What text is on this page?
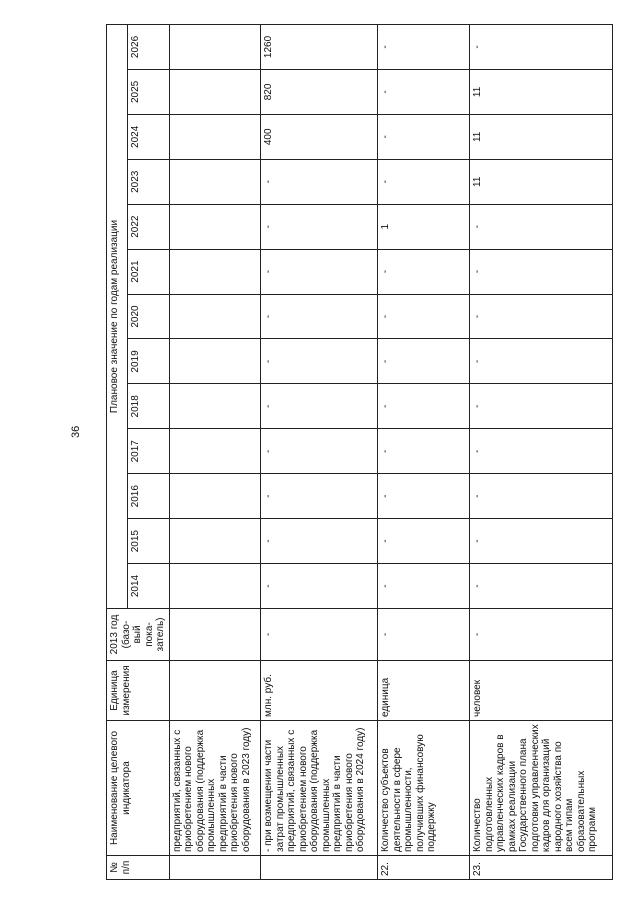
36
№ п/п	Наименование целевого индикатора	Единица измерения	2013 год (базо-вый пока-затель)	Плановое значение по годам реализации												
				2014	2015	2016	2017	2018	2019	2020	2021	2022	2023	2024	2025	2026
	предприятий, связанных с приобретением нового оборудования (поддержка промышленных предприятий в части приобретения нового оборудования в 2023 году)															
	- при возмещении части затрат промышленных предприятий, связанных с приобретением нового оборудования (поддержка промышленных предприятий в части приобретения нового оборудования в 2024 году)	млн. руб.	-	-	-	-	-	-	-	-	-	-	-	400	820	1260
22.	Количество субъектов деятельности в сфере промышленности, получивших финансовую поддержку	единица	-	-	-	-	-	-	-	-	-	1	-	-	-	-
23.	Количество подготовленных управленческих кадров в рамках реализации Государственного плана подготовки управленческих кадров для организаций народного хозяйства по всем типам образовательных программ	человек	-	-	-	-	-	-	-	-	-	-	11	11	11	-
